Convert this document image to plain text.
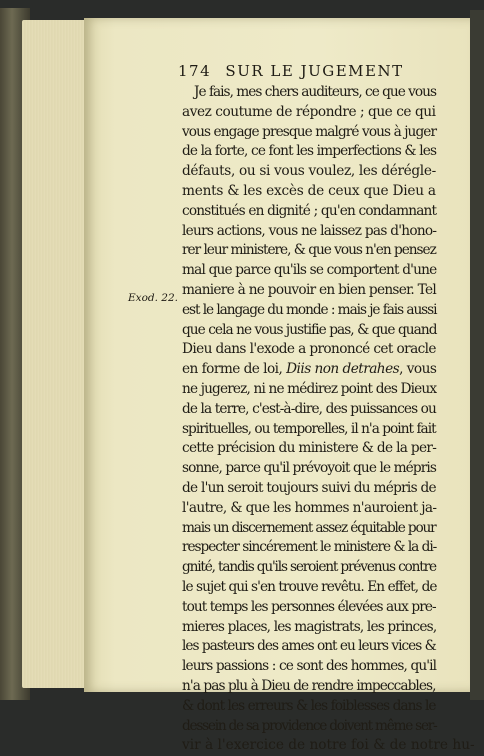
174 SUR LE JUGEMENT
Exod. 22.
Je fais, mes chers auditeurs, ce que vous
avez coutume de répondre ; que ce qui
vous engage presque malgré vous à juger
de la forte, ce font les imperfections & les
défauts, ou si vous voulez, les dérégle-
ments & les excès de ceux que Dieu a
constitués en dignité ; qu'en condamnant
leurs actions, vous ne laissez pas d'hono-
rer leur ministere, & que vous n'en pensez
mal que parce qu'ils se comportent d'une
maniere à ne pouvoir en bien penser. Tel
est le langage du monde : mais je fais aussi
que cela ne vous justifie pas, & que quand
Dieu dans l'exode a prononcé cet oracle
en forme de loi, Diis non detrahes, vous
ne jugerez, ni ne médirez point des Dieux
de la terre, c'est-à-dire, des puissances ou
spirituelles, ou temporelles, il n'a point fait
cette précision du ministere & de la per-
sonne, parce qu'il prévoyoit que le mépris
de l'un seroit toujours suivi du mépris de
l'autre, & que les hommes n'auroient ja-
mais un discernement assez équitable pour
respecter sincérement le ministere & la di-
gnité, tandis qu'ils seroient prévenus contre
le sujet qui s'en trouve revêtu. En effet, de
tout temps les personnes élevées aux pre-
mieres places, les magistrats, les princes,
les pasteurs des ames ont eu leurs vices &
leurs passions : ce sont des hommes, qu'il
n'a pas plu à Dieu de rendre impeccables,
& dont les erreurs & les foiblesses dans le
dessein de sa providence doivent même ser-
vir à l'exercice de notre foi & de notre hu-
